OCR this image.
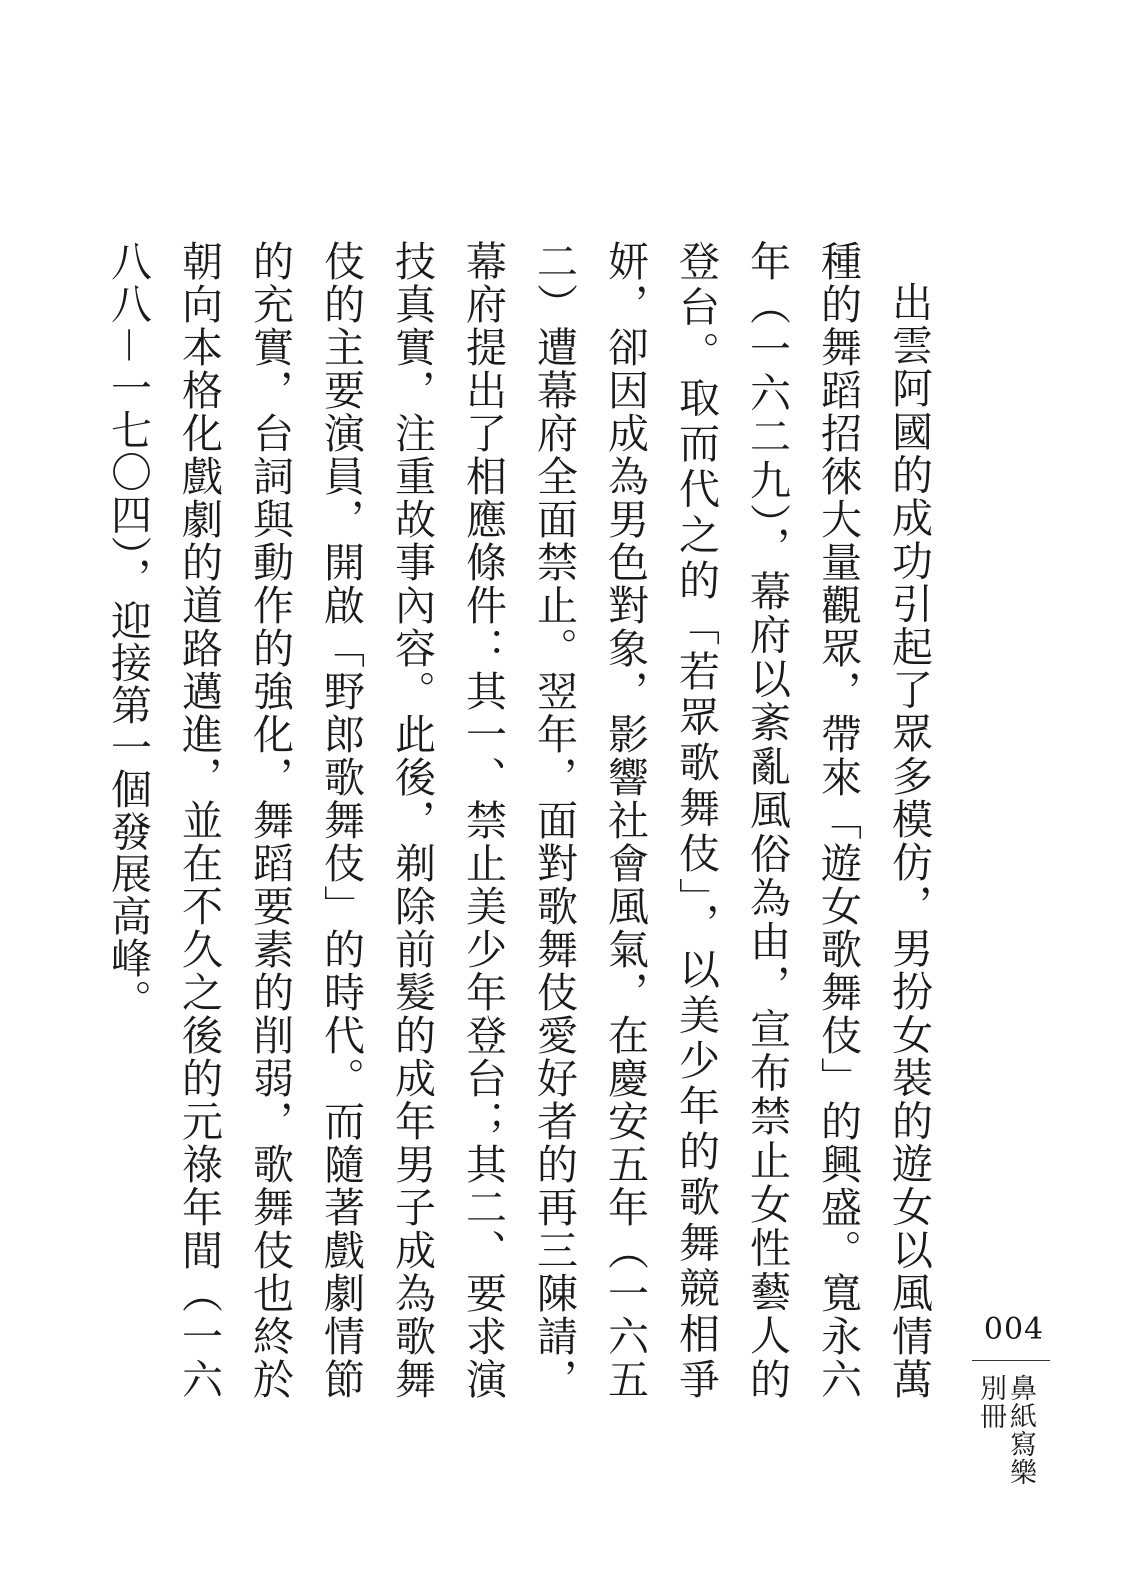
出雲阿國的成功引起了眾多模仿，男扮女裝的遊女以風情萬種的舞蹈招徠大量觀眾，帶來「遊女歌舞伎」的興盛。寬永六年（一六二九），幕府以紊亂風俗為由，宣布禁止女性藝人的登台。取而代之的「若眾歌舞伎」，以美少年的歌舞競相爭妍，卻因成為男色對象，影響社會風氣，在慶安五年（一六五二）遭幕府全面禁止。翌年，面對歌舞伎愛好者的再三陳請，幕府提出了相應條件：其一、禁止美少年登台；其二、要求演技真實，注重故事內容。此後，剃除前髮的成年男子成為歌舞伎的主要演員，開啟「野郎歌舞伎」的時代。而隨著戲劇情節的充實，台詞與動作的強化，舞蹈要素的削弱，歌舞伎也終於朝向本格化戲劇的道路邁進，並在不久之後的元祿年間（一六八八－一七〇四），迎接第一個發展高峰。

004
鼻紙寫樂
別冊
